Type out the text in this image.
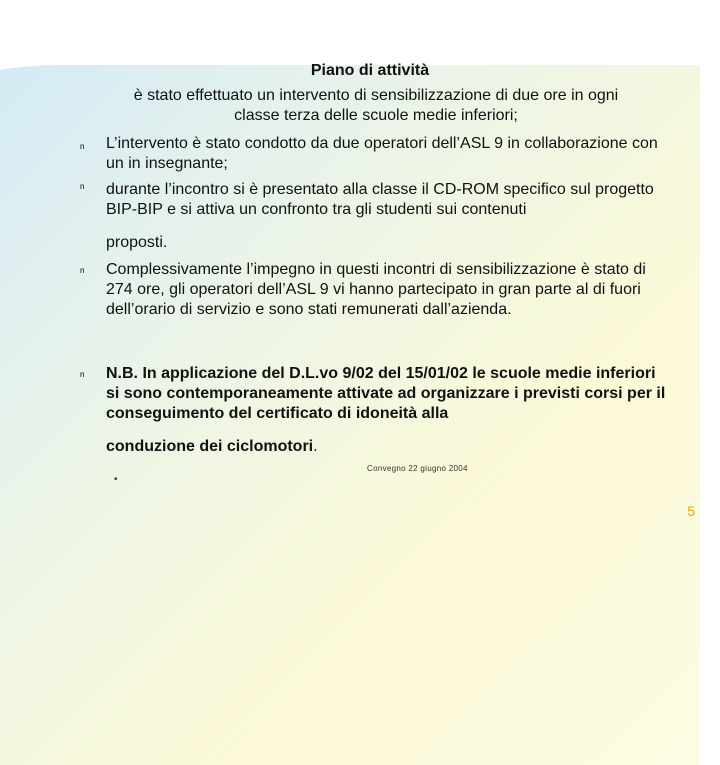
Piano di attività
è stato effettuato un intervento di sensibilizzazione di due ore in ogni
classe terza delle scuole medie inferiori;
n L’intervento è stato condotto da due operatori dell’ASL 9 in collaborazione con un in insegnante;
n durante l’incontro si è presentato alla classe il CD-ROM specifico sul progetto BIP-BIP e si attiva un confronto tra gli studenti sui contenuti
proposti.
n Complessivamente l’impegno in questi incontri di sensibilizzazione è stato di 274 ore, gli operatori dell’ASL 9 vi hanno partecipato in gran parte al di fuori dell’orario di servizio e sono stati remunerati dall’azienda.
n N.B. In applicazione del D.L.vo 9/02 del 15/01/02 le scuole medie inferiori si sono contemporaneamente attivate ad organizzare i previsti corsi per il conseguimento del certificato di idoneità alla
conduzione dei ciclomotori.
Convegno 22 giugno 2004
•
5
